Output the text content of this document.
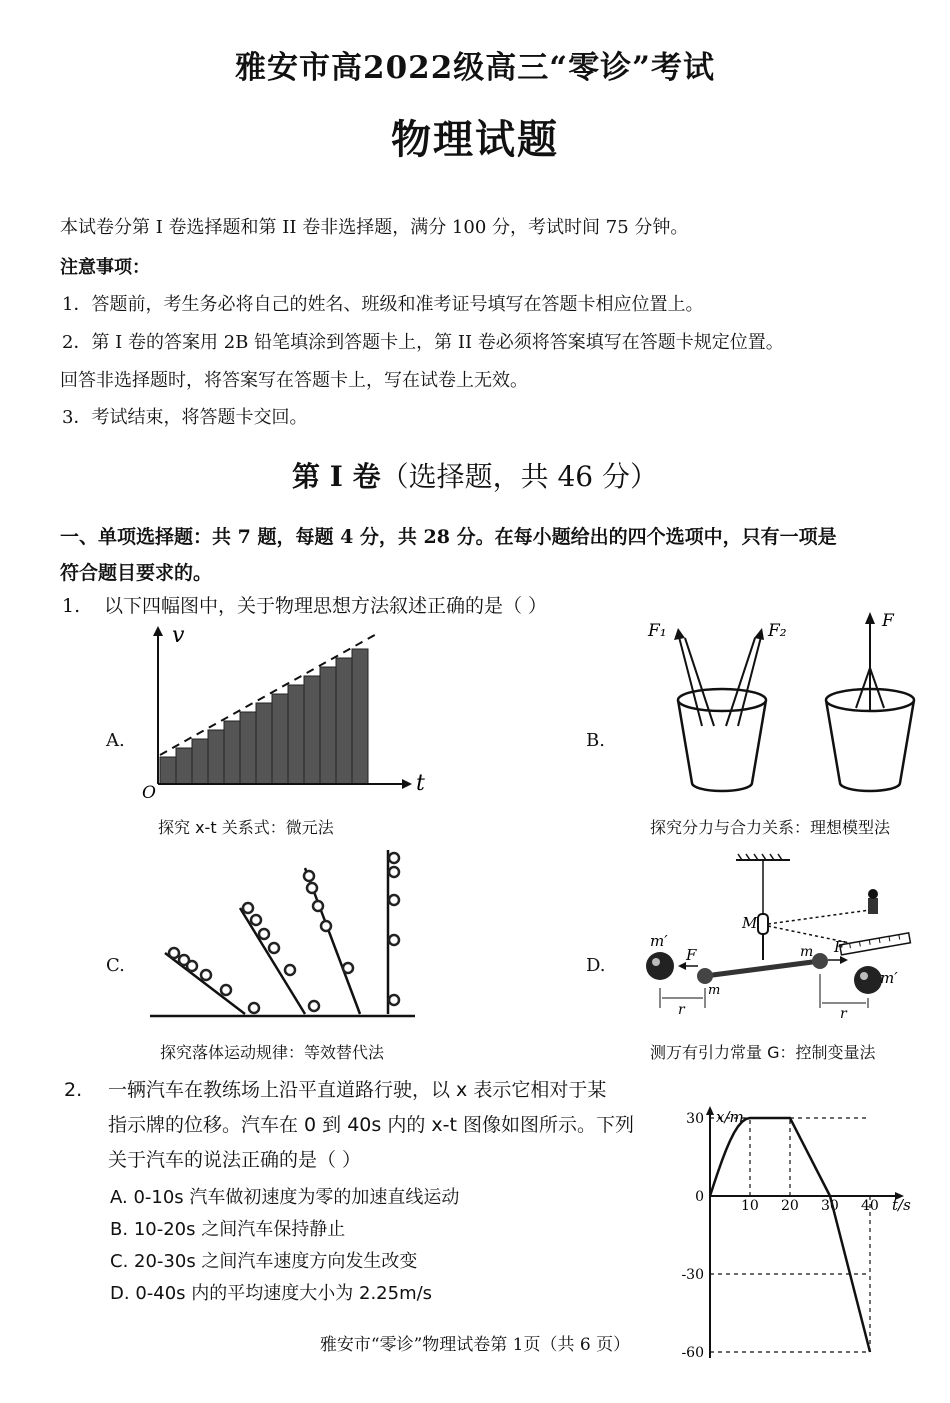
雅安市高2022级高三“零诊”考试
物理试题
本试卷分第 I 卷选择题和第 II 卷非选择题，满分 100 分，考试时间 75 分钟。
注意事项：
1．答题前，考生务必将自己的姓名、班级和准考证号填写在答题卡相应位置上。
2．第 I 卷的答案用 2B 铅笔填涂到答题卡上，第 II 卷必须将答案填写在答题卡规定位置。
回答非选择题时，将答案写在答题卡上，写在试卷上无效。
3．考试结束，将答题卡交回。
第 I 卷（选择题，共 46 分）
一、单项选择题：共 7 题，每题 4 分，共 28 分。在每小题给出的四个选项中，只有一项是
符合题目要求的。
1. 以下四幅图中，关于物理思想方法叙述正确的是（ ）
A.
v
t
O
探究 x-t 关系式：微元法
B.
F₁	F₂	F
探究分力与合力关系：理想模型法
C.
探究落体运动规律：等效替代法
D.
m′
m′
F	F
m
m
M
r	r
测万有引力常量 G：控制变量法
2. 一辆汽车在教练场上沿平直道路行驶，以 x 表示它相对于某
指示牌的位移。汽车在 0 到 40s 内的 x-t 图像如图所示。下列
关于汽车的说法正确的是（ ）
A. 0-10s 汽车做初速度为零的加速直线运动
B. 10-20s 之间汽车保持静止
C. 20-30s 之间汽车速度方向发生改变
D. 0-40s 内的平均速度大小为 2.25m/s
t/s
x/m
10 20 30 40
30
0
-30
-60
雅安市“零诊”物理试卷第 1页（共 6 页）
